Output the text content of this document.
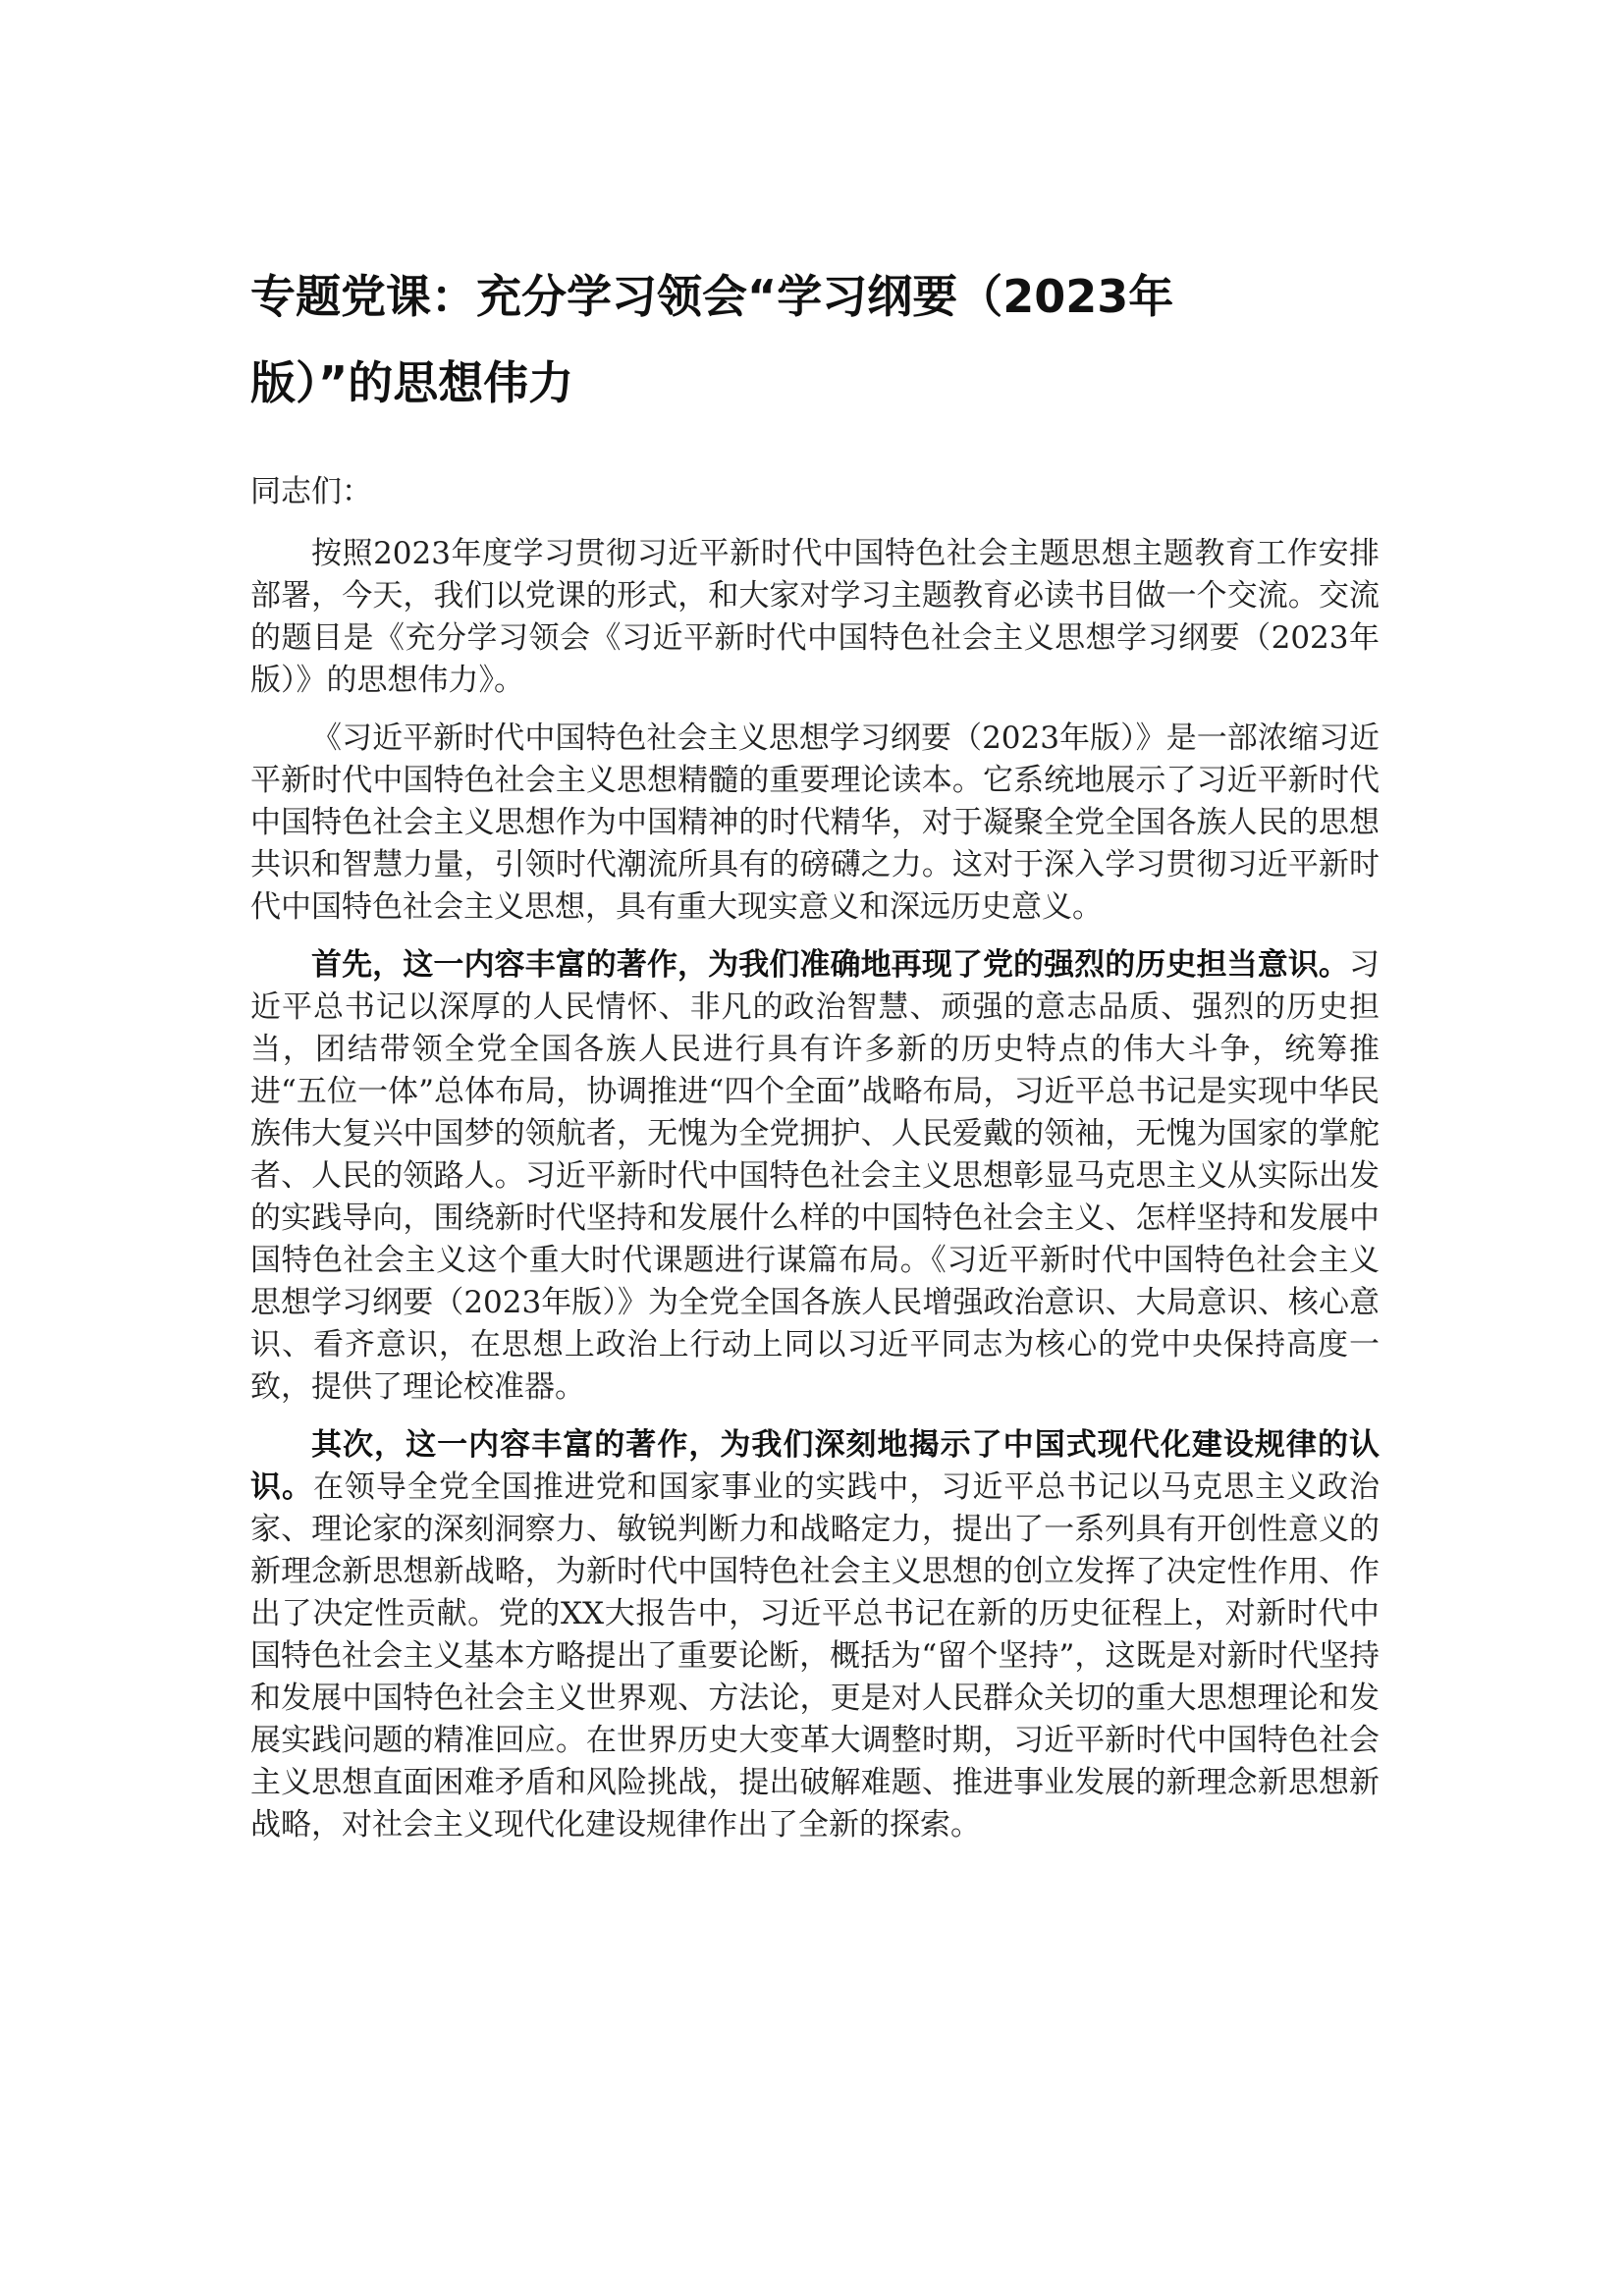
专题党课：充分学习领会“学习纲要（2023年版）”的思想伟力

同志们：

按照2023年度学习贯彻习近平新时代中国特色社会主题思想主题教育工作安排部署，今天，我们以党课的形式，和大家对学习主题教育必读书目做一个交流。交流的题目是《充分学习领会《习近平新时代中国特色社会主义思想学习纲要（2023年版）》的思想伟力》。

《习近平新时代中国特色社会主义思想学习纲要（2023年版）》是一部浓缩习近平新时代中国特色社会主义思想精髓的重要理论读本。它系统地展示了习近平新时代中国特色社会主义思想作为中国精神的时代精华，对于凝聚全党全国各族人民的思想共识和智慧力量，引领时代潮流所具有的磅礴之力。这对于深入学习贯彻习近平新时代中国特色社会主义思想，具有重大现实意义和深远历史意义。

首先，这一内容丰富的著作，为我们准确地再现了党的强烈的历史担当意识。习近平总书记以深厚的人民情怀、非凡的政治智慧、顽强的意志品质、强烈的历史担当，团结带领全党全国各族人民进行具有许多新的历史特点的伟大斗争，统筹推进“五位一体”总体布局，协调推进“四个全面”战略布局，习近平总书记是实现中华民族伟大复兴中国梦的领航者，无愧为全党拥护、人民爱戴的领袖，无愧为国家的掌舵者、人民的领路人。习近平新时代中国特色社会主义思想彰显马克思主义从实际出发的实践导向，围绕新时代坚持和发展什么样的中国特色社会主义、怎样坚持和发展中国特色社会主义这个重大时代课题进行谋篇布局。《习近平新时代中国特色社会主义思想学习纲要（2023年版）》为全党全国各族人民增强政治意识、大局意识、核心意识、看齐意识，在思想上政治上行动上同以习近平同志为核心的党中央保持高度一致，提供了理论校准器。

其次，这一内容丰富的著作，为我们深刻地揭示了中国式现代化建设规律的认识。在领导全党全国推进党和国家事业的实践中，习近平总书记以马克思主义政治家、理论家的深刻洞察力、敏锐判断力和战略定力，提出了一系列具有开创性意义的新理念新思想新战略，为新时代中国特色社会主义思想的创立发挥了决定性作用、作出了决定性贡献。党的XX大报告中，习近平总书记在新的历史征程上，对新时代中国特色社会主义基本方略提出了重要论断，概括为“留个坚持”，这既是对新时代坚持和发展中国特色社会主义世界观、方法论，更是对人民群众关切的重大思想理论和发展实践问题的精准回应。在世界历史大变革大调整时期，习近平新时代中国特色社会主义思想直面困难矛盾和风险挑战，提出破解难题、推进事业发展的新理念新思想新战略，对社会主义现代化建设规律作出了全新的探索。
